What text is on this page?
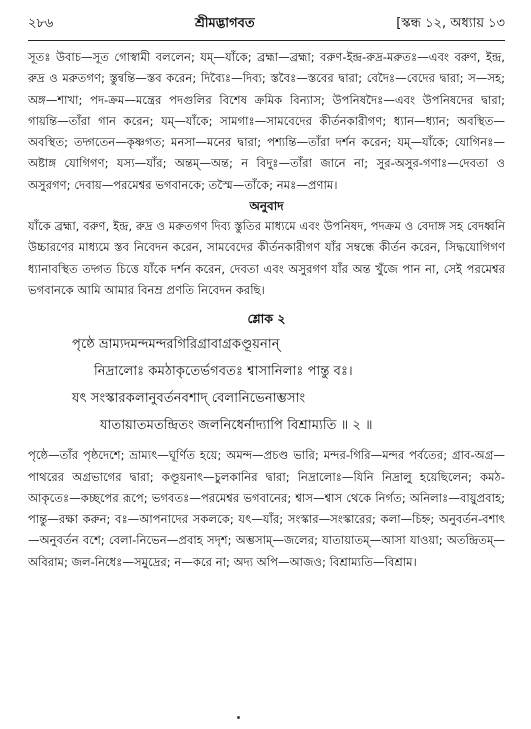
২৮৬	শ্রীমদ্ভাগবত	[স্কন্ধ ১২, অধ্যায় ১৩

সূতঃ উবাচ—সূত গোস্বামী বললেন; যম্—যাঁকে; ব্রহ্মা—ব্রহ্মা; বরুণ-ইন্দ্র-রুদ্র-মরুতঃ—এবং বরুণ, ইন্দ্র, রুদ্র ও মরুতগণ; স্তুন্বন্তি—স্তব করেন; দিব্যৈঃ—দিব্য; স্তবৈঃ—স্তবের দ্বারা; বেদৈঃ—বেদের দ্বারা; স—সহ; অঙ্গ—শাখা; পদ-ক্রম—মন্ত্রের পদগুলির বিশেষ ক্রমিক বিন্যাস; উপনিষদৈঃ—এবং উপনিষদের দ্বারা; গায়ন্তি—তাঁরা গান করেন; যম্—যাঁকে; সামগাঃ—সামবেদের কীর্তনকারীগণ; ধ্যান—ধ্যান; অবস্থিত—অবস্থিত; তদ্গতেন—কৃষ্ণগত; মনসা—মনের দ্বারা; পশ্যন্তি—তাঁরা দর্শন করেন; যম্—যাঁকে; যোগিনঃ—অষ্টাঙ্গ যোগিগণ; যস্য—যাঁর; অন্তম্—অন্ত; ন বিদুঃ—তাঁরা জানে না; সুর-অসুর-গণাঃ—দেবতা ও অসুরগণ; দেবায়—পরমেশ্বর ভগবানকে; তস্মৈ—তাঁকে; নমঃ—প্রণাম।

অনুবাদ

যাঁকে ব্রহ্মা, বরুণ, ইন্দ্র, রুদ্র ও মরুতগণ দিব্য স্তুতির মাধ্যমে এবং উপনিষদ, পদক্রম ও বেদাঙ্গ সহ বেদধ্বনি উচ্চারণের মাধ্যমে স্তব নিবেদন করেন, সামবেদের কীর্তনকারীগণ যাঁর সম্বন্ধে কীর্তন করেন, সিদ্ধযোগিগণ ধ্যানাবস্থিত তদ্গত চিত্তে যাঁকে দর্শন করেন, দেবতা এবং অসুরগণ যাঁর অন্ত খুঁজে পান না, সেই পরমেশ্বর ভগবানকে আমি আমার বিনম্র প্রণতি নিবেদন করছি।

শ্লোক ২
পৃষ্ঠে ভ্রাম্যদমন্দমন্দরগিরিগ্রাবাগ্রকণ্ডূয়নান্
নিদ্রালোঃ কমঠাকৃতের্ভগবতঃ শ্বাসানিলাঃ পান্তু বঃ।
যৎ সংস্কারকলানুবর্তনবশাদ্ বেলানিভেনাম্ভসাং
যাতায়াতমতন্দ্রিতং জলনিধের্নাদ্যাপি বিশ্রাম্যতি ॥ ২ ॥

পৃষ্ঠে—তাঁর পৃষ্ঠদেশে; ভ্রাম্যৎ—ঘূর্ণিত হয়ে; অমন্দ—প্রচণ্ড ভারি; মন্দর-গিরি—মন্দর পর্বতের; গ্রাব-অগ্র—পাথরের অগ্রভাগের দ্বারা; কণ্ডূয়নাৎ—চুলকানির দ্বারা; নিদ্রালোঃ—যিনি নিদ্রালু হয়েছিলেন; কমঠ-আকৃতেঃ—কচ্ছপের রূপে; ভগবতঃ—পরমেশ্বর ভগবানের; শ্বাস—শ্বাস থেকে নির্গত; অনিলাঃ—বায়ুপ্রবাহ; পান্তু—রক্ষা করুন; বঃ—আপনাদের সকলকে; যৎ—যাঁর; সংস্কার—সংস্কারের; কলা—চিহ্ন; অনুবর্তন-বশাৎ—অনুবর্তন বশে; বেলা-নিভেন—প্রবাহ সদৃশ; অম্ভসাম্—জলের; যাতায়াতম্—আসা যাওয়া; অতন্দ্রিতম্—অবিরাম; জল-নিধেঃ—সমুদ্রের; ন—করে না; অদ্য অপি—আজও; বিশ্রাম্যতি—বিশ্রাম।
